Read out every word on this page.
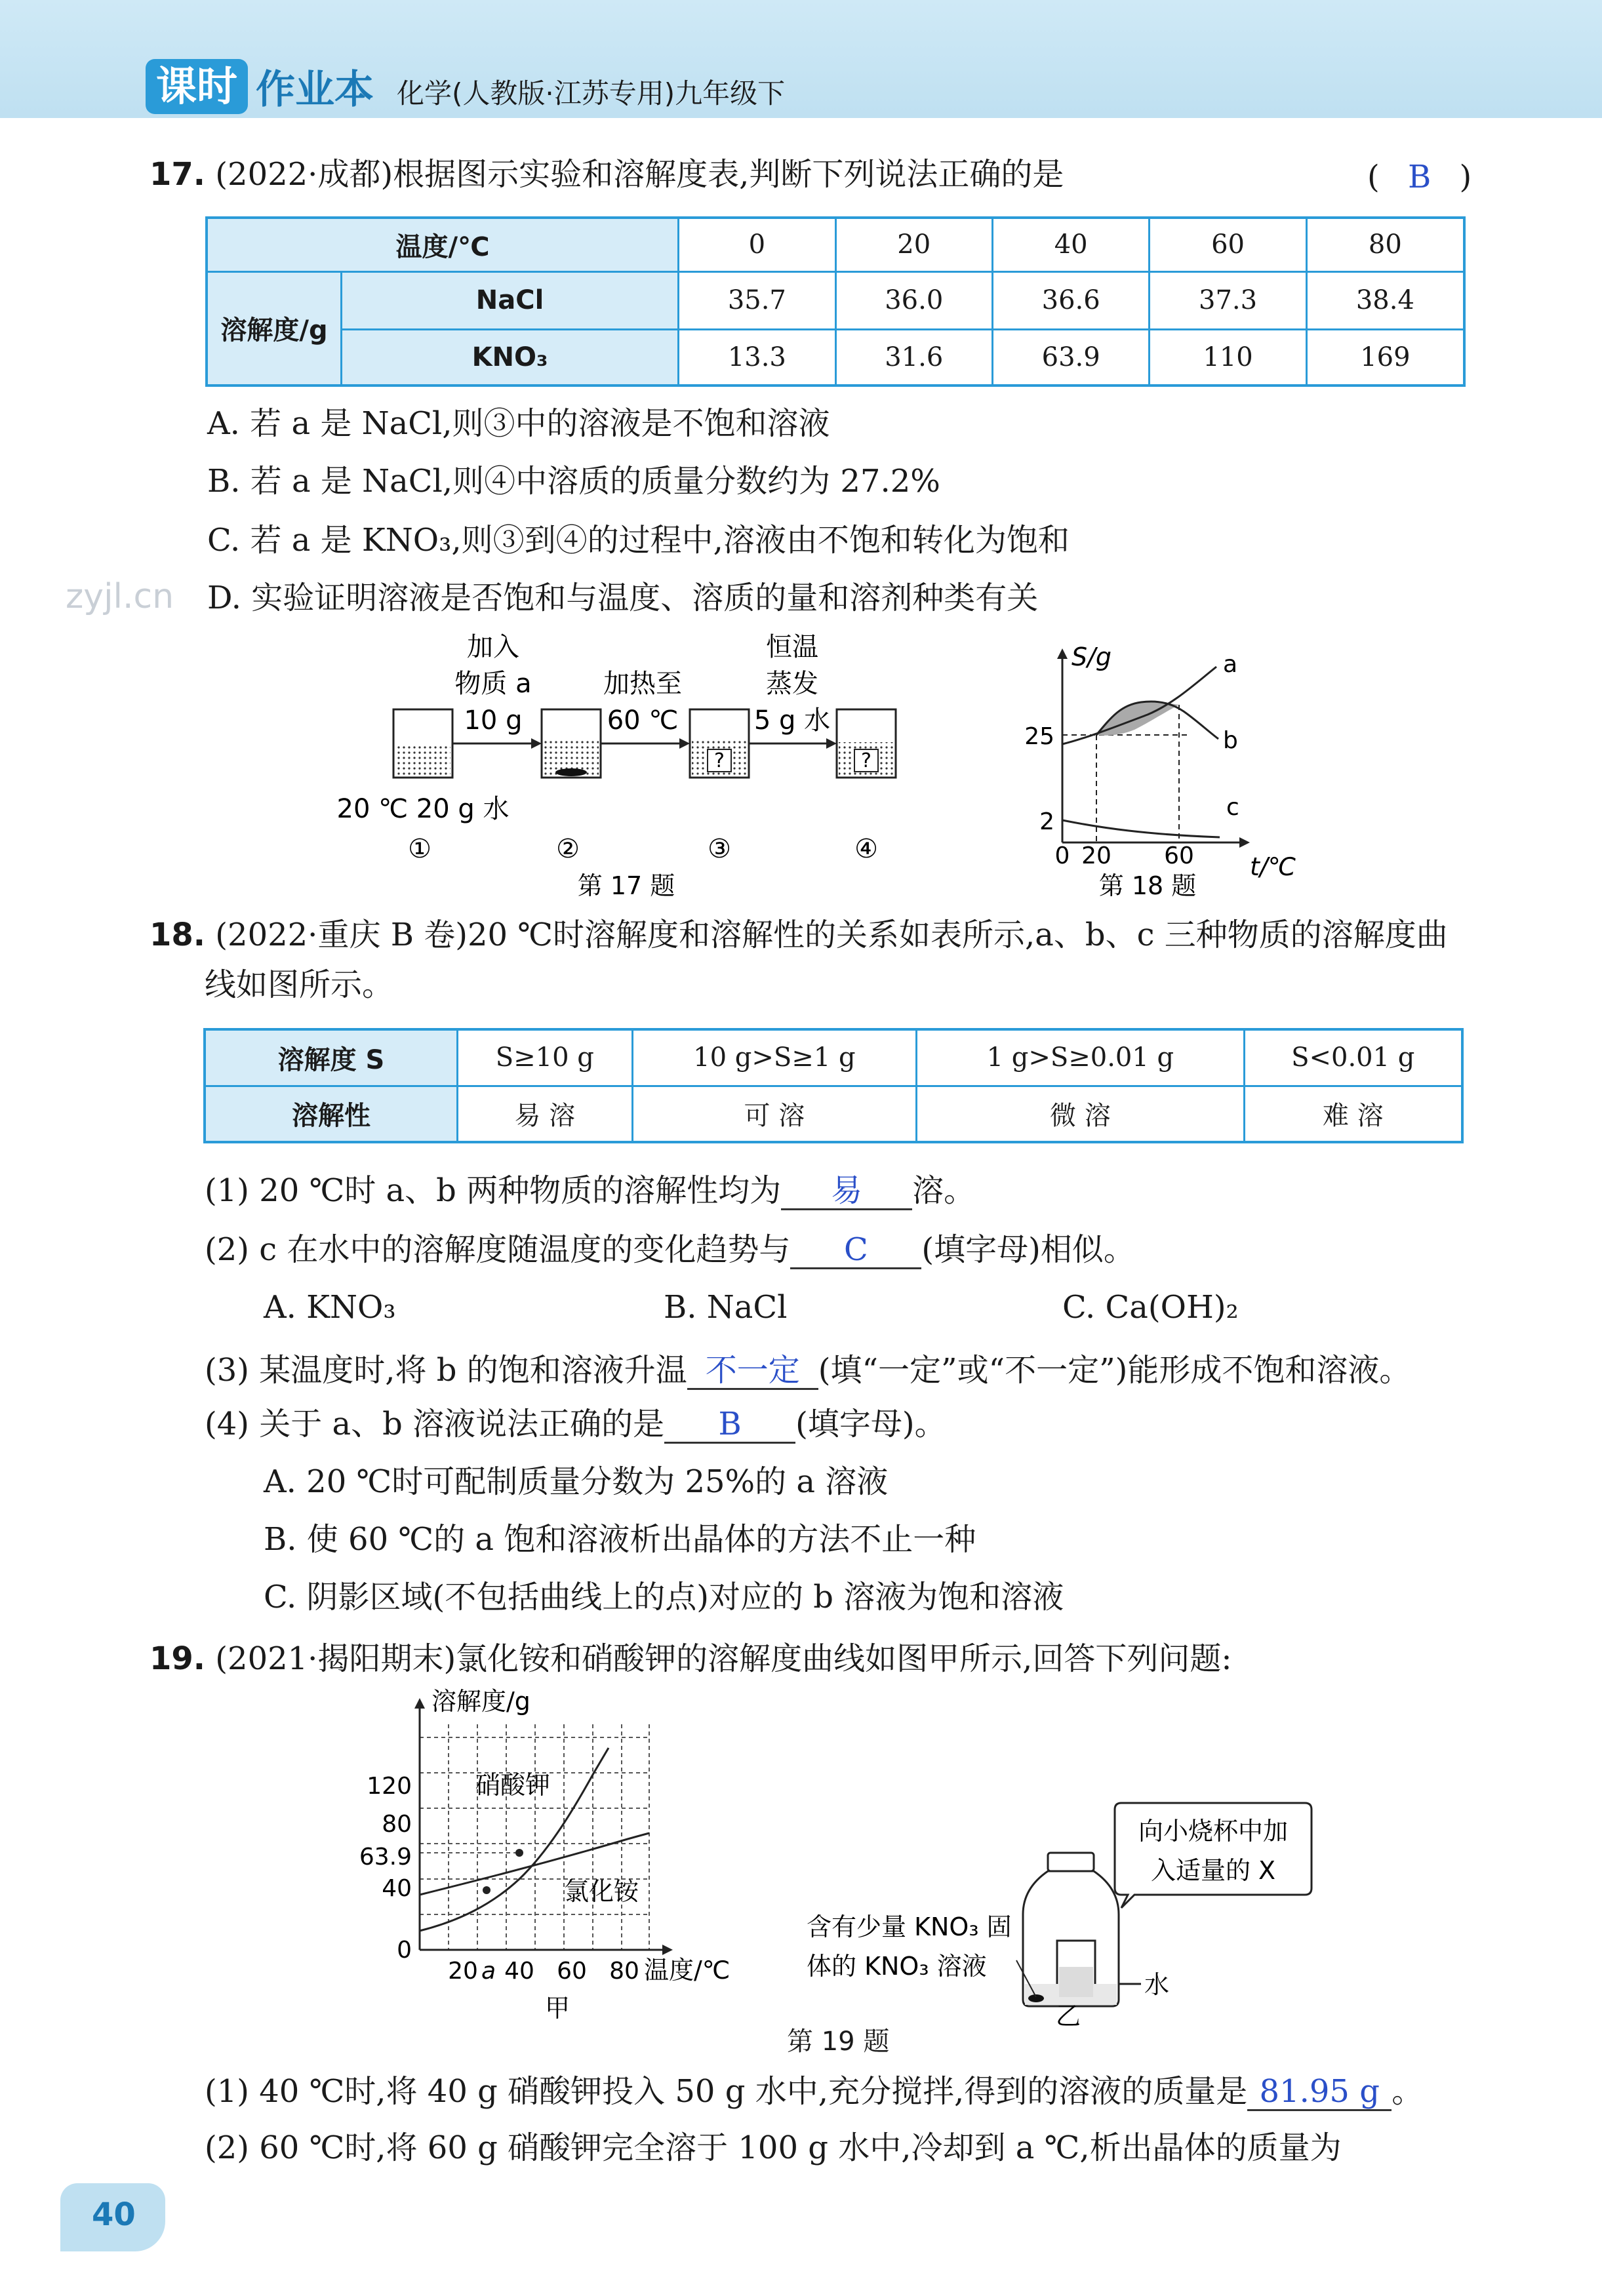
课时 作业本 化学(人教版·江苏专用)九年级下
17. (2022·成都)根据图示实验和溶解度表,判断下列说法正确的是	( B )
温度/℃		0	20	40	60	80
溶解度/g	NaCl	35.7	36.0	36.6	37.3	38.4
	KNO₃	13.3	31.6	63.9	110	169
A. 若 a 是 NaCl,则③中的溶液是不饱和溶液
B. 若 a 是 NaCl,则④中溶质的质量分数约为 27.2%
C. 若 a 是 KNO₃,则③到④的过程中,溶液由不饱和转化为饱和
D. 实验证明溶液是否饱和与温度、溶质的量和溶剂种类有关
zyjl.cn
?	?
加入
物质 a
10 g
加热至
60 ℃
恒温
蒸发
5 g 水
20 ℃ 20 g 水
①	②	③	④
第 17 题
S/g
t/℃
25
2
0 20 60
a
b
c
第 18 题
18. (2022·重庆 B 卷)20 ℃时溶解度和溶解性的关系如表所示,a、b、c 三种物质的溶解度曲
线如图所示。
溶解度 S	S≥10 g	10 g>S≥1 g	1 g>S≥0.01 g	S<0.01 g
溶解性	易 溶	可 溶	微 溶	难 溶
(1) 20 ℃时 a、b 两种物质的溶解性均为 易 溶。
(2) c 在水中的溶解度随温度的变化趋势与 C (填字母)相似。
A. KNO₃	B. NaCl	C. Ca(OH)₂
(3) 某温度时,将 b 的饱和溶液升温 不一定 (填“一定”或“不一定”)能形成不饱和溶液。
(4) 关于 a、b 溶液说法正确的是 B (填字母)。
A. 20 ℃时可配制质量分数为 25%的 a 溶液
B. 使 60 ℃的 a 饱和溶液析出晶体的方法不止一种
C. 阴影区域(不包括曲线上的点)对应的 b 溶液为饱和溶液
19. (2021·揭阳期末)氯化铵和硝酸钾的溶解度曲线如图甲所示,回答下列问题:
溶解度/g
120
80
63.9
40
0
20 a 40 60 80 温度/℃
硝酸钾
氯化铵
甲
向小烧杯中加
入适量的 X
水
含有少量 KNO₃ 固
体的 KNO₃ 溶液
乙
第 19 题
(1) 40 ℃时,将 40 g 硝酸钾投入 50 g 水中,充分搅拌,得到的溶液的质量是 81.95 g 。
(2) 60 ℃时,将 60 g 硝酸钾完全溶于 100 g 水中,冷却到 a ℃,析出晶体的质量为
40
